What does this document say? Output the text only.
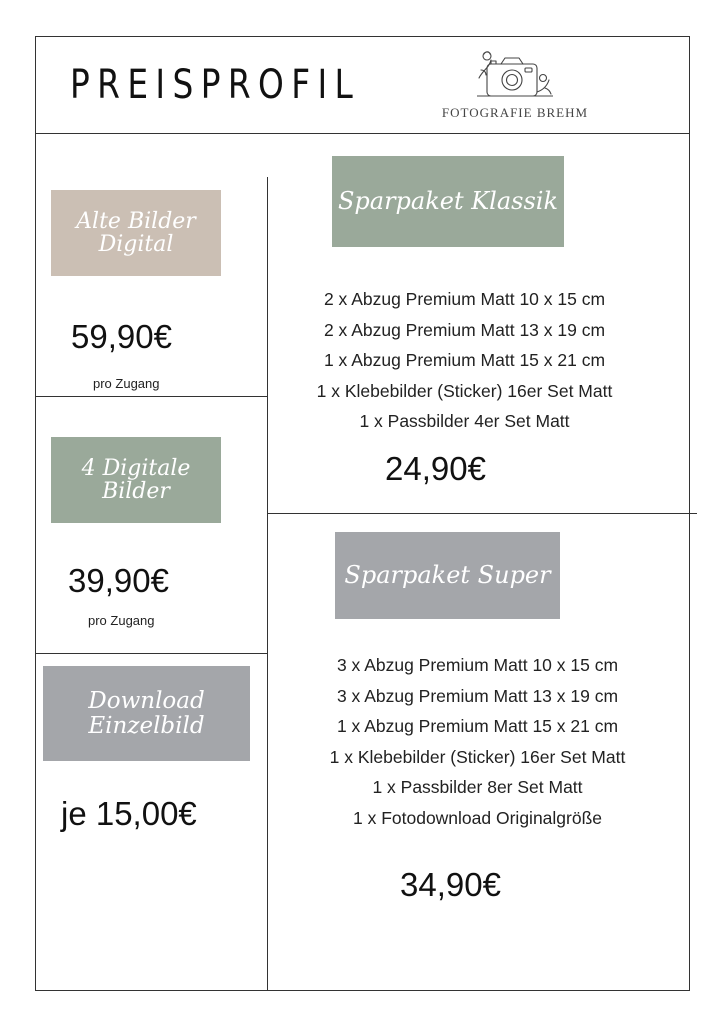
PREISPROFIL
FOTOGRAFIE BREHM
Alte Bilder
Digital
59,90€
pro Zugang
4 Digitale
Bilder
39,90€
pro Zugang
Download
Einzelbild
je 15,00€
Sparpaket Klassik
2 x Abzug Premium Matt 10 x 15 cm
2 x Abzug Premium Matt 13 x 19 cm
1 x Abzug Premium Matt 15 x 21 cm
1 x Klebebilder (Sticker) 16er Set Matt
1 x Passbilder 4er Set Matt
24,90€
Sparpaket Super
3 x Abzug Premium Matt 10 x 15 cm
3 x Abzug Premium Matt 13 x 19 cm
1 x Abzug Premium Matt 15 x 21 cm
1 x Klebebilder (Sticker) 16er Set Matt
1 x Passbilder 8er Set Matt
1 x Fotodownload Originalgröße
34,90€
